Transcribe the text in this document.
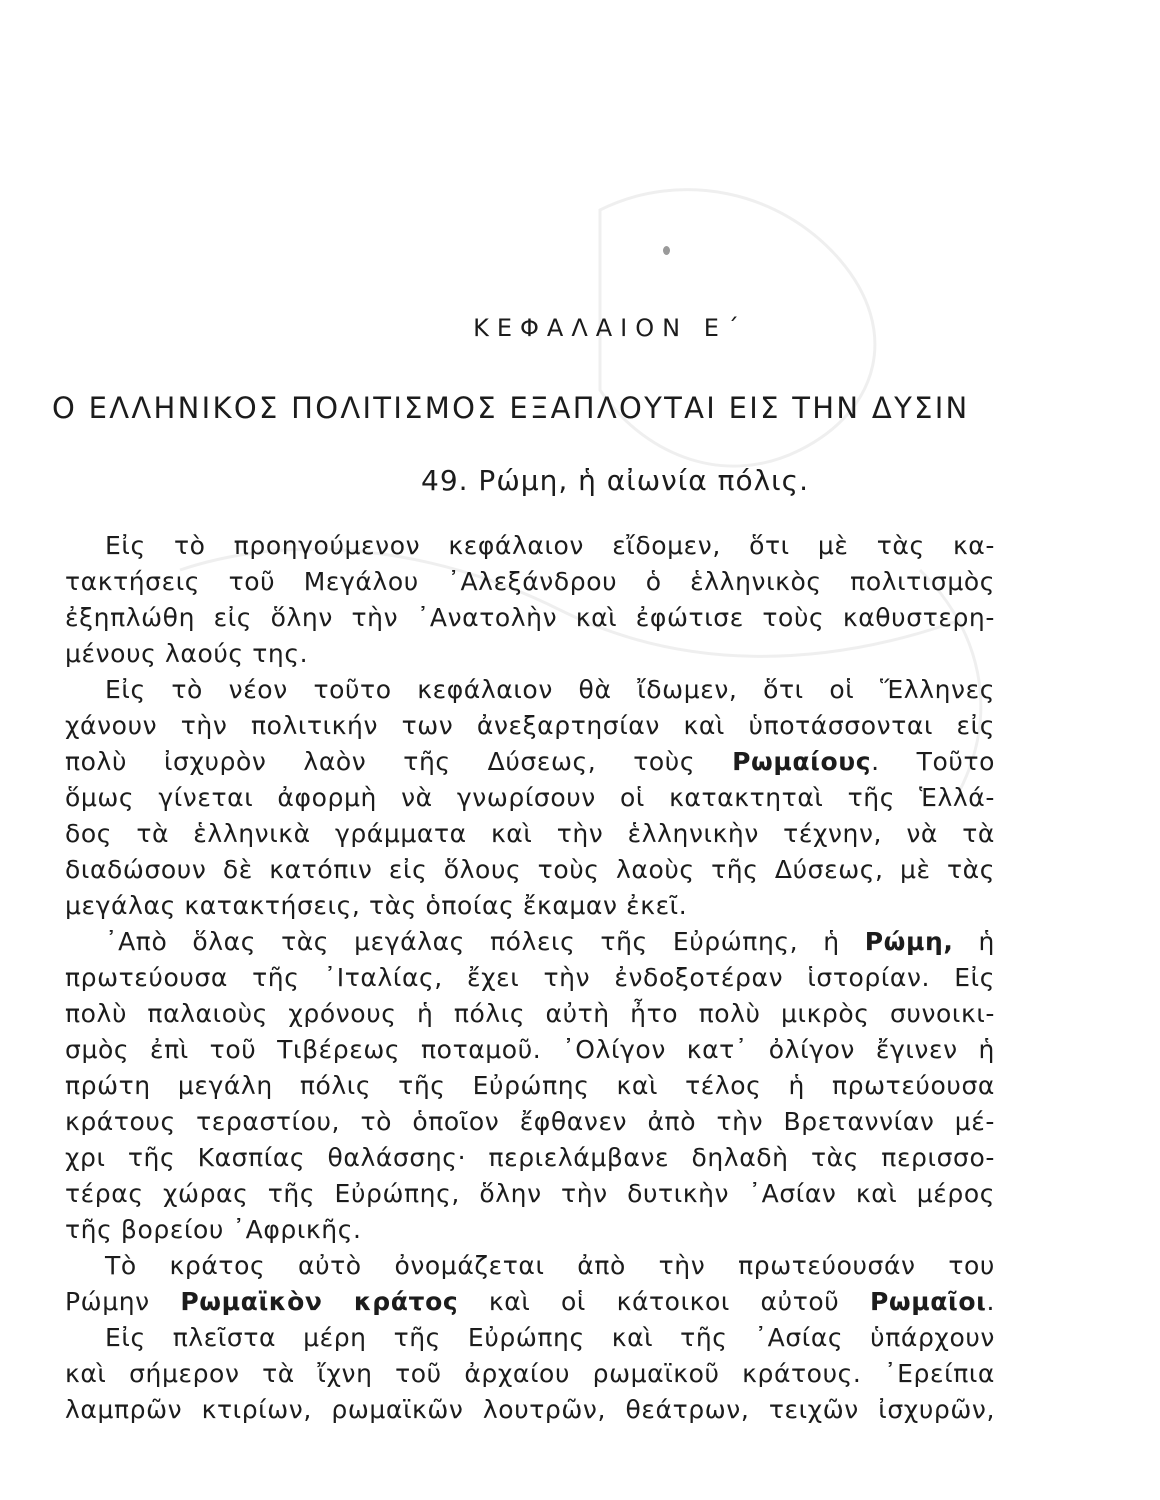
ΚΕΦΑΛΑΙΟΝ Ε΄
Ο ΕΛΛΗΝΙΚΟΣ ΠΟΛΙΤΙΣΜΟΣ ΕΞΑΠΛΟΥΤΑΙ ΕΙΣ ΤΗΝ ΔΥΣΙΝ
49. Ρώμη, ἡ αἰωνία πόλις.
Εἰς τὸ προηγούμενον κεφάλαιον εἴδομεν, ὅτι μὲ τὰς κα-
τακτήσεις τοῦ Μεγάλου ᾿Αλεξάνδρου ὁ ἑλληνικὸς πολιτισμὸς
ἐξηπλώθη εἰς ὅλην τὴν ᾿Ανατολὴν καὶ ἐφώτισε τοὺς καθυστερη-
μένους λαούς της.
Εἰς τὸ νέον τοῦτο κεφάλαιον θὰ ἴδωμεν, ὅτι οἱ Ἕλληνες
χάνουν τὴν πολιτικήν των ἀνεξαρτησίαν καὶ ὑποτάσσονται εἰς
πολὺ ἰσχυρὸν λαὸν τῆς Δύσεως, τοὺς Ρωμαίους. Τοῦτο
ὅμως γίνεται ἀφορμὴ νὰ γνωρίσουν οἱ κατακτηταὶ τῆς Ἑλλά-
δος τὰ ἑλληνικὰ γράμματα καὶ τὴν ἑλληνικὴν τέχνην, νὰ τὰ
διαδώσουν δὲ κατόπιν εἰς ὅλους τοὺς λαοὺς τῆς Δύσεως, μὲ τὰς
μεγάλας κατακτήσεις, τὰς ὁποίας ἔκαμαν ἐκεῖ.
᾿Απὸ ὅλας τὰς μεγάλας πόλεις τῆς Εὐρώπης, ἡ Ρώμη, ἡ
πρωτεύουσα τῆς ᾿Ιταλίας, ἔχει τὴν ἐνδοξοτέραν ἱστορίαν. Εἰς
πολὺ παλαιοὺς χρόνους ἡ πόλις αὐτὴ ἦτο πολὺ μικρὸς συνοικι-
σμὸς ἐπὶ τοῦ Τιβέρεως ποταμοῦ. ᾿Ολίγον κατ᾿ ὀλίγον ἔγινεν ἡ
πρώτη μεγάλη πόλις τῆς Εὐρώπης καὶ τέλος ἡ πρωτεύουσα
κράτους τεραστίου, τὸ ὁποῖον ἔφθανεν ἀπὸ τὴν Βρεταννίαν μέ-
χρι τῆς Κασπίας θαλάσσης· περιελάμβανε δηλαδὴ τὰς περισσο-
τέρας χώρας τῆς Εὐρώπης, ὅλην τὴν δυτικὴν ᾿Ασίαν καὶ μέρος
τῆς βορείου ᾿Αφρικῆς.
Τὸ κράτος αὐτὸ ὀνομάζεται ἀπὸ τὴν πρωτεύουσάν του
Ρώμην Ρωμαϊκὸν κράτος καὶ οἱ κάτοικοι αὐτοῦ Ρωμαῖοι.
Εἰς πλεῖστα μέρη τῆς Εὐρώπης καὶ τῆς ᾿Ασίας ὑπάρχουν
καὶ σήμερον τὰ ἴχνη τοῦ ἀρχαίου ρωμαϊκοῦ κράτους. ᾿Ερείπια
λαμπρῶν κτιρίων, ρωμαϊκῶν λουτρῶν, θεάτρων, τειχῶν ἰσχυρῶν,
